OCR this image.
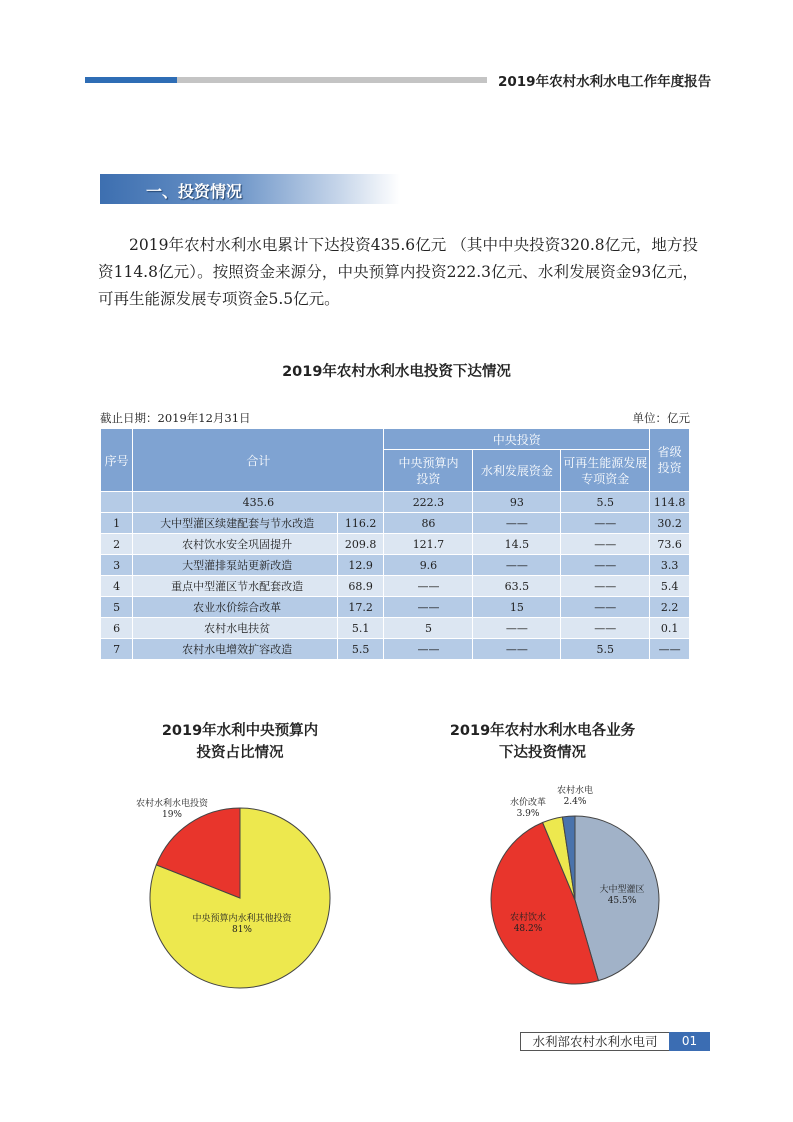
2019年农村水利水电工作年度报告
一、投资情况

2019年农村水利水电累计下达投资435.6亿元 （其中中央投资320.8亿元，地方投资114.8亿元）。按照资金来源分，中央预算内投资222.3亿元、水利发展资金93亿元，可再生能源发展专项资金5.5亿元。

2019年农村水利水电投资下达情况
截止日期：2019年12月31日	单位：亿元
序号	合计		中央投资			省级投资

			中央预算内投资	水利发展资金	可再生能源发展专项资金	

	435.6		222.3	93	5.5	114.8
1	大中型灌区续建配套与节水改造	116.2	86	——	——	30.2
2	农村饮水安全巩固提升	209.8	121.7	14.5	——	73.6
3	大型灌排泵站更新改造	12.9	9.6	——	——	3.3
4	重点中型灌区节水配套改造	68.9	——	63.5	——	5.4
5	农业水价综合改革	17.2	——	15	——	2.2
6	农村水电扶贫	5.1	5	——	——	0.1
7	农村水电增效扩容改造	5.5	——	——	5.5	——
2019年水利中央预算内
投资占比情况
2019年农村水利水电各业务
下达投资情况
中央预算内水利其他投资
81%
农村水利水电投资
19%
大中型灌区
45.5%
农村饮水
48.2%
水价改革
3.9%
农村水电
2.4%
水利部农村水利水电司	01
